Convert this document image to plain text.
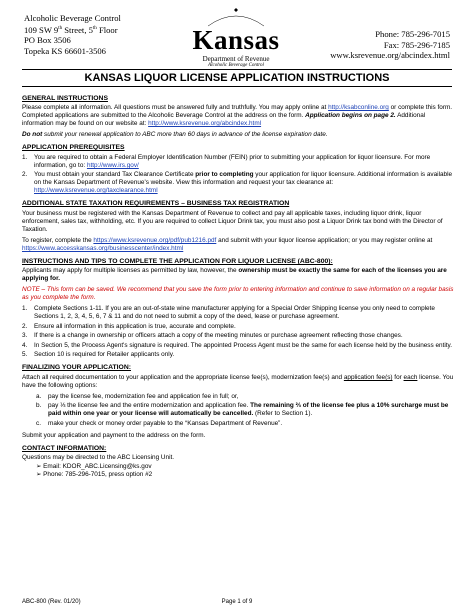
Alcoholic Beverage Control
109 SW 9th Street, 5th Floor
PO Box 3506
Topeka KS 66601-3506	Kansas
Department of Revenue
Alcoholic Beverage Control
Phone: 785-296-7015
Fax: 785-296-7185
www.ksrevenue.org/abcindex.html
KANSAS LIQUOR LICENSE APPLICATION INSTRUCTIONS
GENERAL INSTRUCTIONS

Please complete all information. All questions must be answered fully and truthfully. You may apply online at http://ksabconline.org or complete this form. Completed applications are submitted to the Alcoholic Beverage Control at the address on the form. Application begins on page 2. Additional information may be found on our website at: http://www.ksrevenue.org/abcindex.html

Do not submit your renewal application to ABC more than 60 days in advance of the license expiration date.

APPLICATION PREREQUISITES
1.	You are required to obtain a Federal Employer Identification Number (FEIN) prior to submitting your application for liquor licensure. For more information, go to: http://www.irs.gov/
2.	You must obtain your standard Tax Clearance Certificate prior to completing your application for liquor licensure. Additional information is available on the Kansas Department of Revenue's website. View this information and request your tax clearance at: http://www.ksrevenue.org/taxclearance.html
ADDITIONAL STATE TAXATION REQUIREMENTS – BUSINESS TAX REGISTRATION

Your business must be registered with the Kansas Department of Revenue to collect and pay all applicable taxes, including liquor drink, liquor enforcement, sales tax, withholding, etc. If you are required to collect Liquor Drink tax, you must also post a Liquor Drink tax bond with the Director of Taxation.

To register, complete the https://www.ksrevenue.org/pdf/pub1216.pdf and submit with your liquor license application; or you may register online at https://www.accesskansas.org/businesscenter/index.html

INSTRUCTIONS AND TIPS TO COMPLETE THE APPLICATION FOR LIQUOR LICENSE (ABC-800):

Applicants may apply for multiple licenses as permitted by law, however, the ownership must be exactly the same for each of the licenses you are applying for.

NOTE – This form can be saved. We recommend that you save the form prior to entering information and continue to save information on a regular basis as you complete the form.

1.	Complete Sections 1-11. If you are an out-of-state wine manufacturer applying for a Special Order Shipping license you only need to complete Sections 1, 2, 3, 4, 5, 6, 7 & 11 and do not need to submit a copy of the deed, lease or purchase agreement.
2.	Ensure all information in this application is true, accurate and complete.
3.	If there is a change in ownership or officers attach a copy of the meeting minutes or purchase agreement reflecting those changes.
4.	In Section 5, the Process Agent's signature is required. The appointed Process Agent must be the same for each license held by the business entity.
5.	Section 10 is required for Retailer applicants only.
FINALIZING YOUR APPLICATION:

Attach all required documentation to your application and the appropriate license fee(s), modernization fee(s) and application fee(s) for each license. You have the following options:

a.	pay the license fee, modernization fee and application fee in full; or,
b.	pay ⅓ the license fee and the entire modernization and application fee. The remaining ⅔ of the license fee plus a 10% surcharge must be paid within one year or your license will automatically be cancelled. (Refer to Section 1).
c.	make your check or money order payable to the “Kansas Department of Revenue”.

Submit your application and payment to the address on the form.

CONTACT INFORMATION:

Questions may be directed to the ABC Licensing Unit.

➢ Email: KDOR_ABC.Licensing@ks.gov
➢ Phone: 785-296-7015, press option #2
ABC-800 (Rev. 01/20)	Page 1 of 9
